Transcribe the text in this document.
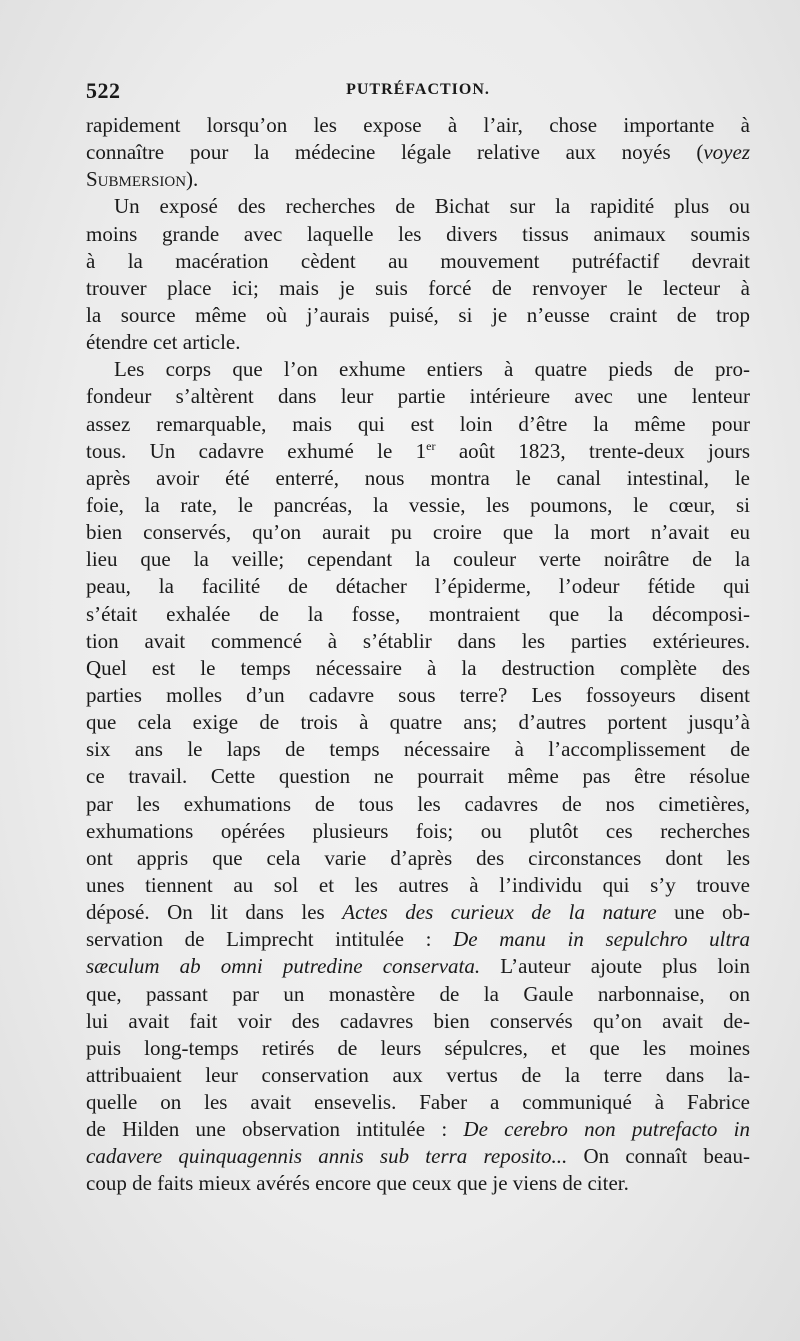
522	PUTRÉFACTION.
rapidement lorsqu’on les expose à l’air, chose importante à
connaître pour la médecine légale relative aux noyés (voyez
Submersion).
Un exposé des recherches de Bichat sur la rapidité plus ou
moins grande avec laquelle les divers tissus animaux soumis
à la macération cèdent au mouvement putréfactif devrait
trouver place ici; mais je suis forcé de renvoyer le lecteur à
la source même où j’aurais puisé, si je n’eusse craint de trop
étendre cet article.
Les corps que l’on exhume entiers à quatre pieds de pro-
fondeur s’altèrent dans leur partie intérieure avec une lenteur
assez remarquable, mais qui est loin d’être la même pour
tous. Un cadavre exhumé le 1er août 1823, trente-deux jours
après avoir été enterré, nous montra le canal intestinal, le
foie, la rate, le pancréas, la vessie, les poumons, le cœur, si
bien conservés, qu’on aurait pu croire que la mort n’avait eu
lieu que la veille; cependant la couleur verte noirâtre de la
peau, la facilité de détacher l’épiderme, l’odeur fétide qui
s’était exhalée de la fosse, montraient que la décomposi-
tion avait commencé à s’établir dans les parties extérieures.
Quel est le temps nécessaire à la destruction complète des
parties molles d’un cadavre sous terre? Les fossoyeurs disent
que cela exige de trois à quatre ans; d’autres portent jusqu’à
six ans le laps de temps nécessaire à l’accomplissement de
ce travail. Cette question ne pourrait même pas être résolue
par les exhumations de tous les cadavres de nos cimetières,
exhumations opérées plusieurs fois; ou plutôt ces recherches
ont appris que cela varie d’après des circonstances dont les
unes tiennent au sol et les autres à l’individu qui s’y trouve
déposé. On lit dans les Actes des curieux de la nature une ob-
servation de Limprecht intitulée : De manu in sepulchro ultra
sæculum ab omni putredine conservata. L’auteur ajoute plus loin
que, passant par un monastère de la Gaule narbonnaise, on
lui avait fait voir des cadavres bien conservés qu’on avait de-
puis long-temps retirés de leurs sépulcres, et que les moines
attribuaient leur conservation aux vertus de la terre dans la-
quelle on les avait ensevelis. Faber a communiqué à Fabrice
de Hilden une observation intitulée : De cerebro non putrefacto in
cadavere quinquagennis annis sub terra reposito... On connaît beau-
coup de faits mieux avérés encore que ceux que je viens de citer.
